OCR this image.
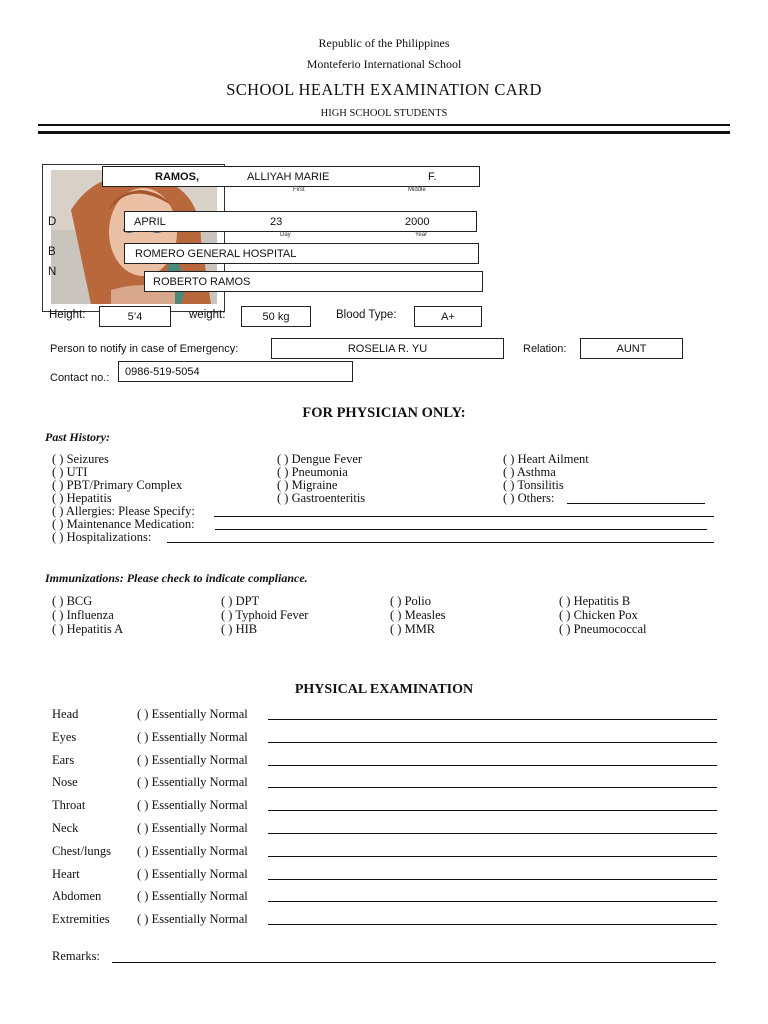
Republic of the Philippines
Monteferio International School
SCHOOL HEALTH EXAMINATION CARD
HIGH SCHOOL STUDENTS
RAMOS,	ALLIYAH MARIE	F.
First	Middle
D	APRIL	23	2000
Day	Year
B	ROMERO GENERAL HOSPITAL
N
ROBERTO RAMOS
Height:	5’4	weight:	50 kg	Blood Type:	A+
Person to notify in case of Emergency:	ROSELIA R. YU	Relation:	AUNT
Contact no.:
0986-519-5054
FOR PHYSICIAN ONLY:
Past History:
( ) Seizures
( ) UTI
( ) PBT/Primary Complex
( ) Hepatitis
( ) Dengue Fever
( ) Pneumonia
( ) Migraine
( ) Gastroenteritis
( ) Heart Ailment
( ) Asthma
( ) Tonsilitis
( ) Others:
( ) Allergies: Please Specify:
( ) Maintenance Medication:
( ) Hospitalizations:
Immunizations: Please check to indicate compliance.
( ) BCG
( ) Influenza
( ) Hepatitis A
( ) DPT
( ) Typhoid Fever
( ) HIB
( ) Polio
( ) Measles
( ) MMR
( ) Hepatitis B
( ) Chicken Pox
( ) Pneumococcal
PHYSICAL EXAMINATION
Head	( ) Essentially Normal
Eyes	( ) Essentially Normal
Ears	( ) Essentially Normal
Nose	( ) Essentially Normal
Throat	( ) Essentially Normal
Neck	( ) Essentially Normal
Chest/lungs ( ) Essentially Normal
Heart	( ) Essentially Normal
Abdomen	( ) Essentially Normal
Extremities ( ) Essentially Normal
Remarks:
